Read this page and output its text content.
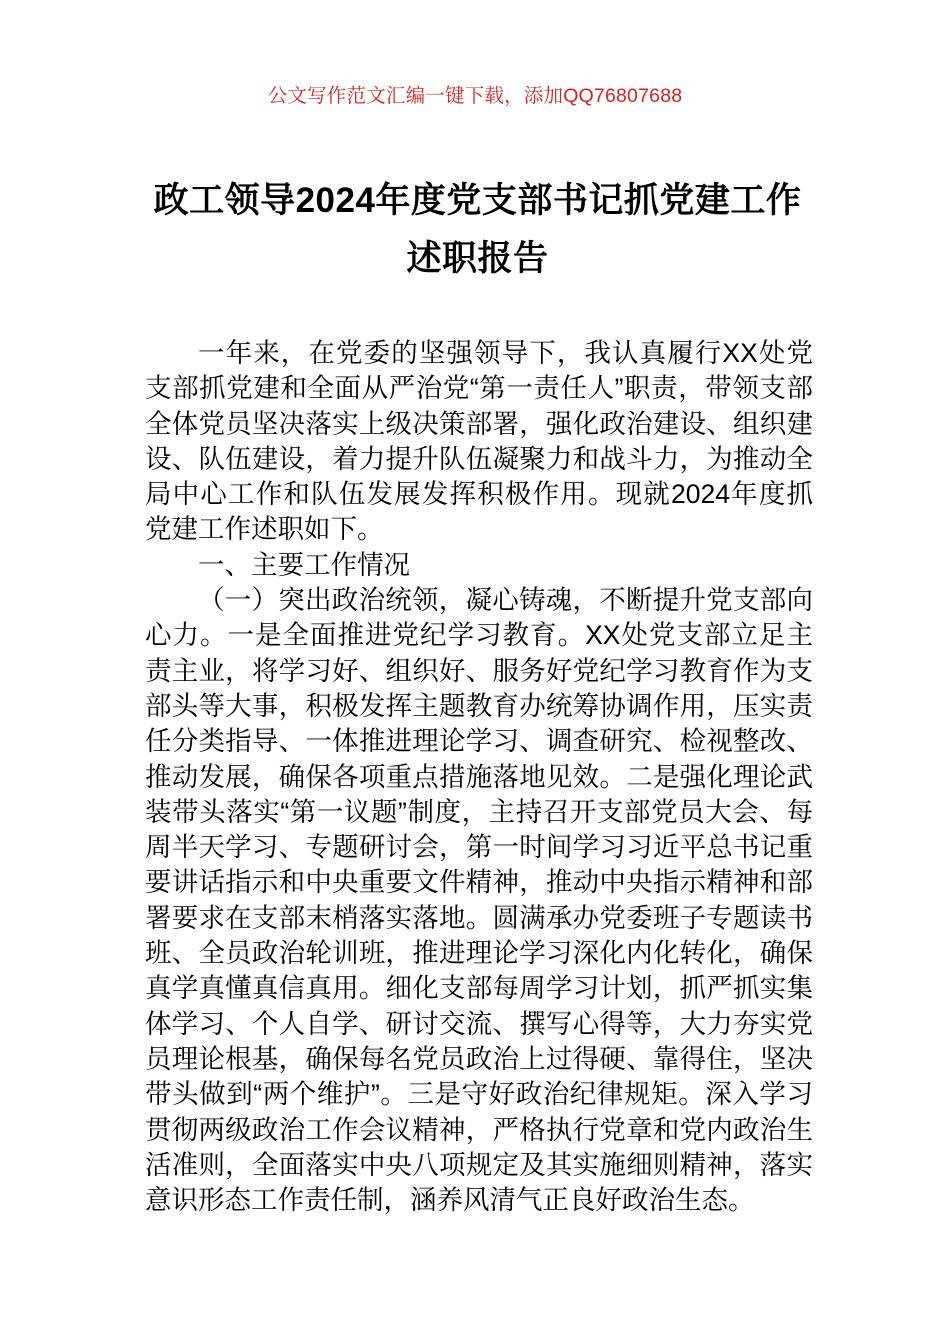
公文写作范文汇编一键下载，添加QQ76807688
政工领导2024年度党支部书记抓党建工作
述职报告

一年来，在党委的坚强领导下，我认真履行XX处党支部抓党建和全面从严治党“第一责任人”职责，带领支部全体党员坚决落实上级决策部署，强化政治建设、组织建设、队伍建设，着力提升队伍凝聚力和战斗力，为推动全局中心工作和队伍发展发挥积极作用。现就2024年度抓党建工作述职如下。

一、主要工作情况

（一）突出政治统领，凝心铸魂，不断提升党支部向心力。一是全面推进党纪学习教育。XX处党支部立足主责主业，将学习好、组织好、服务好党纪学习教育作为支部头等大事，积极发挥主题教育办统筹协调作用，压实责任分类指导、一体推进理论学习、调查研究、检视整改、推动发展，确保各项重点措施落地见效。二是强化理论武装带头落实“第一议题”制度，主持召开支部党员大会、每周半天学习、专题研讨会，第一时间学习习近平总书记重要讲话指示和中央重要文件精神，推动中央指示精神和部署要求在支部末梢落实落地。圆满承办党委班子专题读书班、全员政治轮训班，推进理论学习深化内化转化，确保真学真懂真信真用。细化支部每周学习计划，抓严抓实集体学习、个人自学、研讨交流、撰写心得等，大力夯实党员理论根基，确保每名党员政治上过得硬、靠得住，坚决带头做到“两个维护”。三是守好政治纪律规矩。深入学习贯彻两级政治工作会议精神，严格执行党章和党内政治生活准则，全面落实中央八项规定及其实施细则精神，落实意识形态工作责任制，涵养风清气正良好政治生态。
